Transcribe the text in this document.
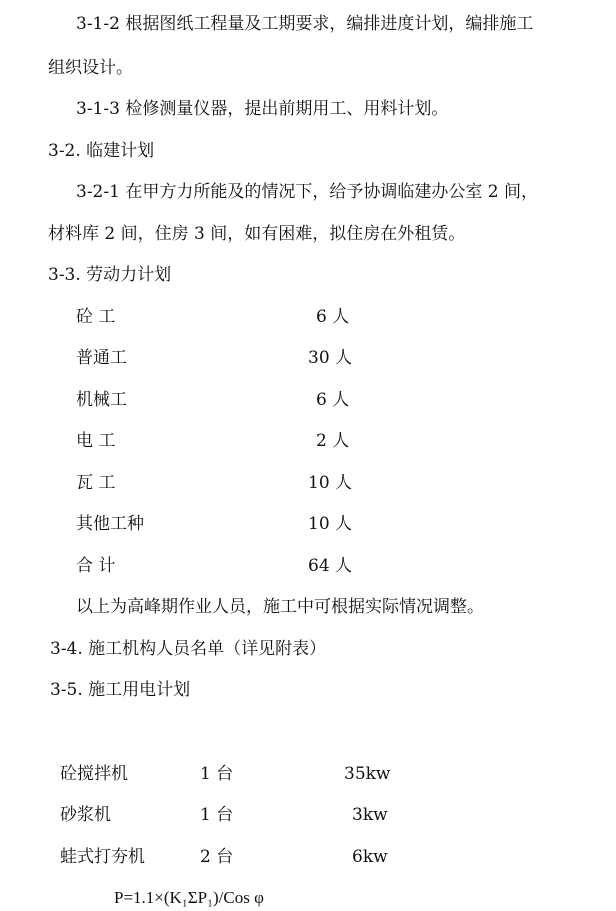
3-1-2 根据图纸工程量及工期要求，编排进度计划，编排施工
组织设计。
3-1-3 检修测量仪器，提出前期用工、用料计划。
3-2. 临建计划
3-2-1 在甲方力所能及的情况下，给予协调临建办公室 2 间，
材料库 2 间，住房 3 间，如有困难，拟住房在外租赁。
3-3. 劳动力计划
砼 工	6 人
普通工	30 人
机械工	6 人
电 工	2 人
瓦 工	10 人
其他工种	10 人
合 计	64 人
以上为高峰期作业人员，施工中可根据实际情况调整。
3-4. 施工机构人员名单（详见附表）
3-5. 施工用电计划
砼搅拌机	1 台	35kw
砂浆机	1 台	3kw
蛙式打夯机	2 台	6kw
P=1.1×(K₁ΣP₁)/Cos φ
